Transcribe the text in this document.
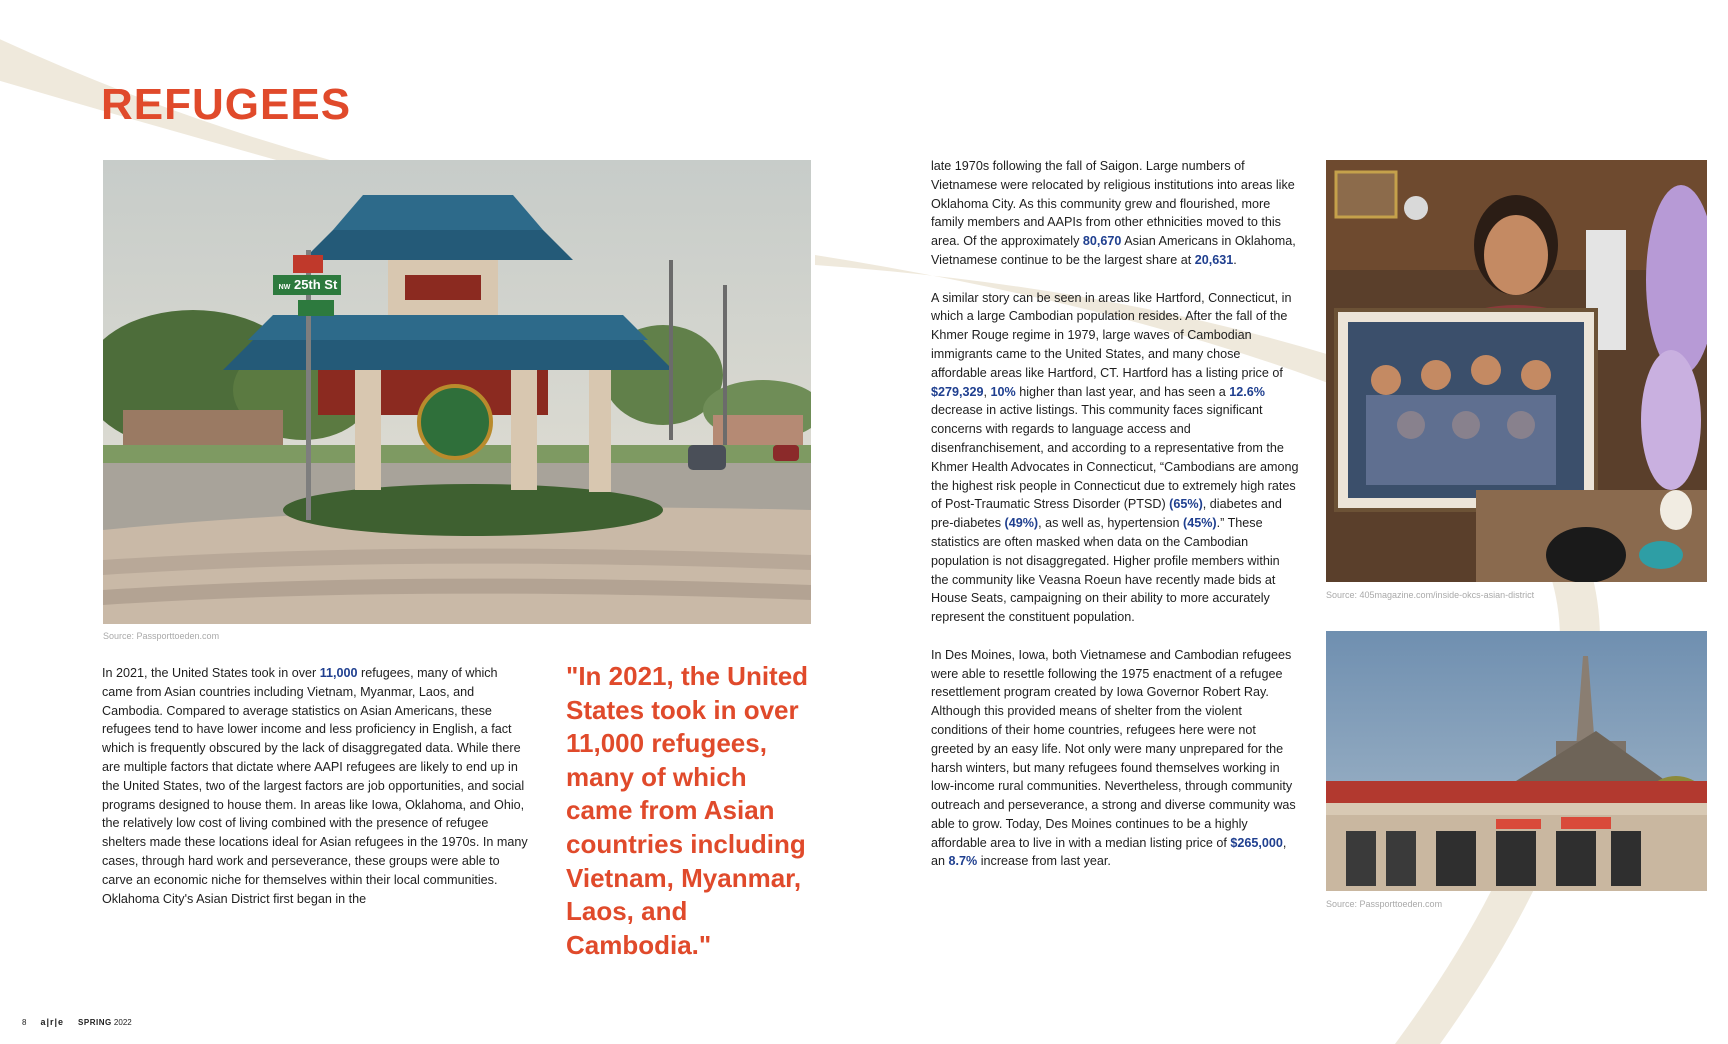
REFUGEES
NW 25th St
Source: Passporttoeden.com

In 2021, the United States took in over 11,000 refugees, many of which came from Asian countries including Vietnam, Myanmar, Laos, and Cambodia. Compared to average statistics on Asian Americans, these refugees tend to have lower income and less proficiency in English, a fact which is frequently obscured by the lack of disaggregated data. While there are multiple factors that dictate where AAPI refugees are likely to end up in the United States, two of the largest factors are job opportunities, and social programs designed to house them. In areas like Iowa, Oklahoma, and Ohio, the relatively low cost of living combined with the presence of refugee shelters made these locations ideal for Asian refugees in the 1970s. In many cases, through hard work and perseverance, these groups were able to carve an economic niche for themselves within their local communities. Oklahoma City's Asian District first began in the

"In 2021, the United States took in over 11,000 refugees, many of which came from Asian countries including Vietnam, Myanmar, Laos, and Cambodia."

late 1970s following the fall of Saigon. Large numbers of Vietnamese were relocated by religious institutions into areas like Oklahoma City. As this community grew and flourished, more family members and AAPIs from other ethnicities moved to this area. Of the approximately 80,670 Asian Americans in Oklahoma, Vietnamese continue to be the largest share at 20,631.

A similar story can be seen in areas like Hartford, Connecticut, in which a large Cambodian population resides. After the fall of the Khmer Rouge regime in 1979, large waves of Cambodian immigrants came to the United States, and many chose affordable areas like Hartford, CT. Hartford has a listing price of $279,329, 10% higher than last year, and has seen a 12.6% decrease in active listings. This community faces significant concerns with regards to language access and disenfranchisement, and according to a representative from the Khmer Health Advocates in Connecticut, “Cambodians are among the highest risk people in Connecticut due to extremely high rates of Post-Traumatic Stress Disorder (PTSD) (65%), diabetes and pre-diabetes (49%), as well as, hypertension (45%).” These statistics are often masked when data on the Cambodian population is not disaggregated. Higher profile members within the community like Veasna Roeun have recently made bids at House Seats, campaigning on their ability to more accurately represent the constituent population.

In Des Moines, Iowa, both Vietnamese and Cambodian refugees were able to resettle following the 1975 enactment of a refugee resettlement program created by Iowa Governor Robert Ray. Although this provided means of shelter from the violent conditions of their home countries, refugees here were not greeted by an easy life. Not only were many unprepared for the harsh winters, but many refugees found themselves working in low-income rural communities. Nevertheless, through community outreach and perseverance, a strong and diverse community was able to grow. Today, Des Moines continues to be a highly affordable area to live in with a median listing price of $265,000, an 8.7% increase from last year.

Source: 405magazine.com/inside-okcs-asian-district
Source: Passporttoeden.com
8 a|r|e SPRING 2022
